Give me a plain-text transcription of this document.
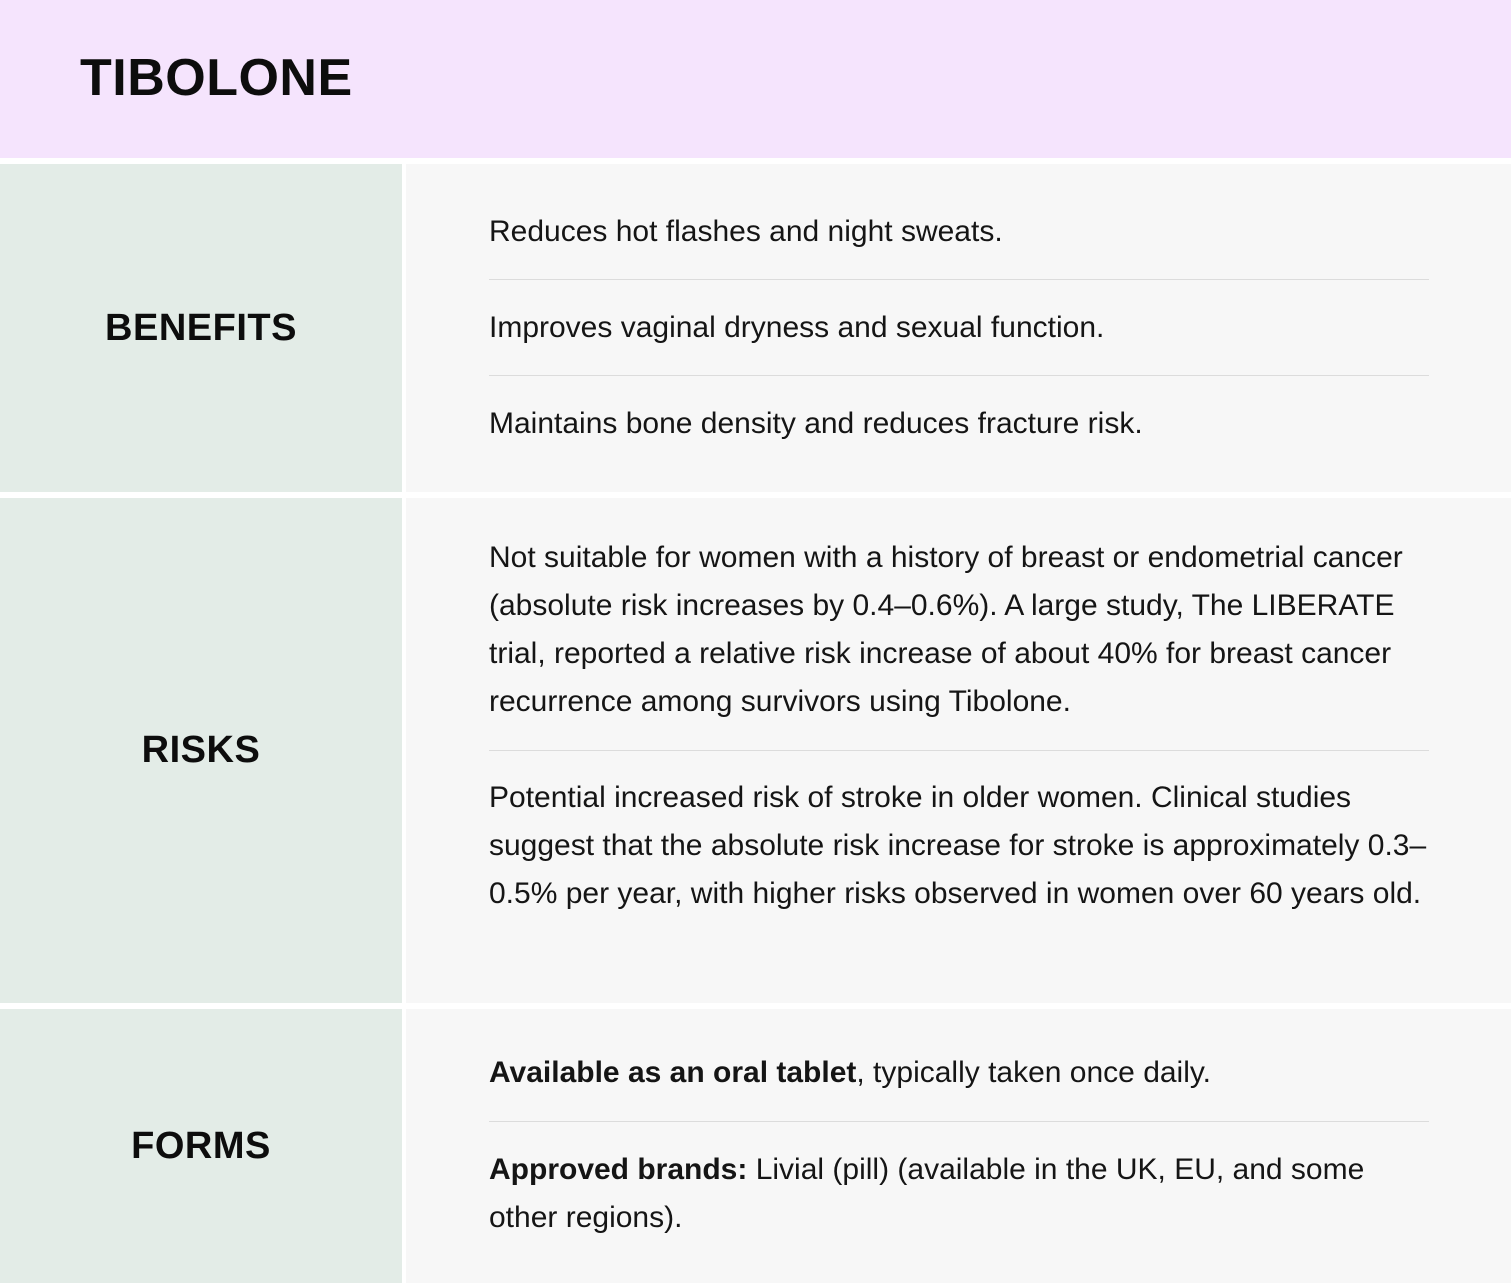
TIBOLONE
BENEFITS
Reduces hot flashes and night sweats.
Improves vaginal dryness and sexual function.
Maintains bone density and reduces fracture risk.
RISKS
Not suitable for women with a history of breast or endometrial cancer (absolute risk increases by 0.4–0.6%). A large study, The LIBERATE trial, reported a relative risk increase of about 40% for breast cancer recurrence among survivors using Tibolone.
Potential increased risk of stroke in older women. Clinical studies suggest that the absolute risk increase for stroke is approximately 0.3–0.5% per year, with higher risks observed in women over 60 years old.
FORMS
Available as an oral tablet, typically taken once daily.
Approved brands: Livial (pill) (available in the UK, EU, and some other regions).
